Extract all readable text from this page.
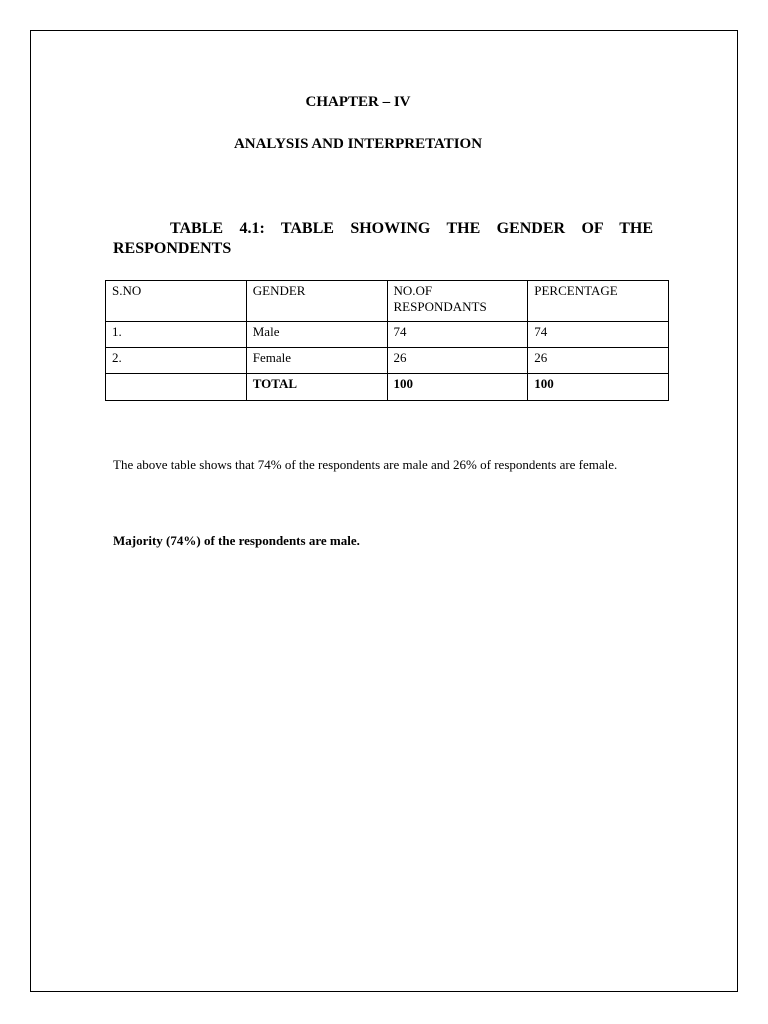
CHAPTER – IV
ANALYSIS AND INTERPRETATION
TABLE 4.1: TABLE SHOWING THE GENDER OF THE
RESPONDENTS
S.NO	GENDER	NO.OF RESPONDANTS	PERCENTAGE
1.	Male	74	74
2.	Female	26	26
	TOTAL	100	100
The above table shows that 74% of the respondents are male and 26% of respondents are female.
Majority (74%) of the respondents are male.
